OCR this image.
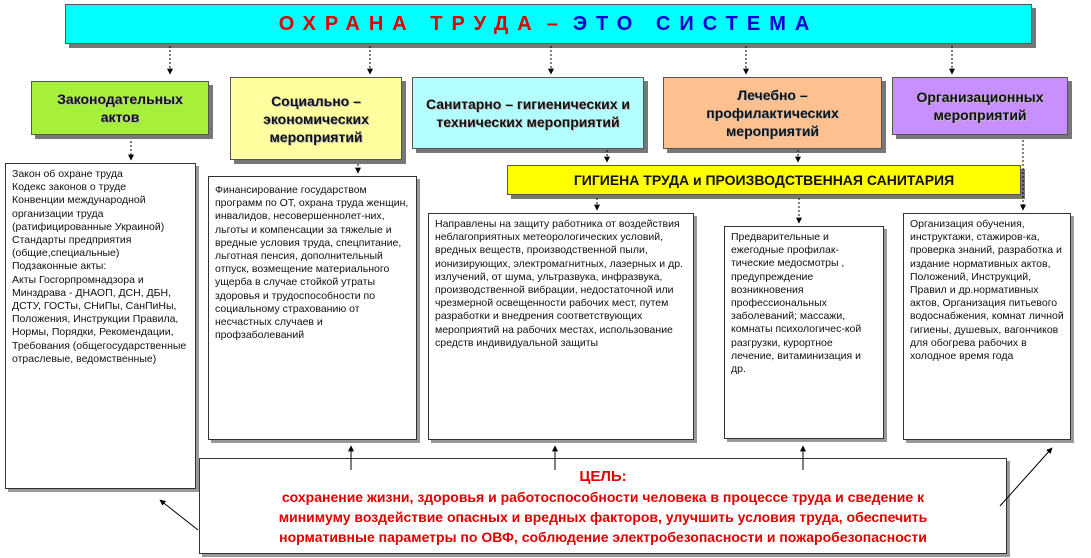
ОХРАНА ТРУДА – ЭТО СИСТЕМА
Законодательных актов
Социально – экономических мероприятий
Санитарно – гигиенических и технических мероприятий
Лечебно – профилактических мероприятий
Организационных мероприятий
ГИГИЕНА ТРУДА и ПРОИЗВОДСТВЕННАЯ САНИТАРИЯ
Закон об охране труда
Кодекс законов о труде
Конвенции международной организации труда (ратифицированные Украиной)
Стандарты предприятия (общие,специальные)
Подзаконные акты:
Акты Госгорпромнадзора и Минздрава - ДНАОП, ДСН, ДБН, ДСТУ, ГОСТы, СНиПы, СанПиНы, Положения, Инструкции Правила, Нормы, Порядки, Рекомендации,
Требования (общегосударственные отраслевые, ведомственные)
Финансирование государством программ по ОТ, охрана труда женщин, инвалидов, несовершеннолет-них, льготы и компенсации за тяжелые и вредные условия труда, спецпитание, льготная пенсия, дополнительный отпуск, возмещение материального ущерба в случае стойкой утраты здоровья и трудоспособности по социальному страхованию от несчастных случаев и профзаболеваний
Направлены на защиту работника от воздействия неблагоприятных метеорологических условий, вредных веществ, производственной пыли, ионизирующих, электромагнитных, лазерных и др. излучений, от шума, ультразвука, инфразвука, производственной вибрации, недостаточной или чрезмерной освещенности рабочих мест, путем разработки и внедрения соответствующих мероприятий на рабочих местах, использование средств индивидуальной защиты
Предварительные и ежегодные профилак-тические медосмотры , предупреждение возникновения профессиональных заболеваний; массажи, комнаты психологичес-кой разгрузки, курортное лечение, витаминизация и др.
Организация обучения, инструктажи, стажиров-ка, проверка знаний, разработка и издание нормативных актов, Положений, Инструкций, Правил и др.нормативных актов, Организация питьевого водоснабжения, комнат личной гигиены, душевых, вагончиков для обогрева рабочих в холодное время года
ЦЕЛЬ:
сохранение жизни, здоровья и работоспособности человека в процессе труда и сведение к
минимуму воздействие опасных и вредных факторов, улучшить условия труда, обеспечить
нормативные параметры по ОВФ, соблюдение электробезопасности и пожаробезопасности
